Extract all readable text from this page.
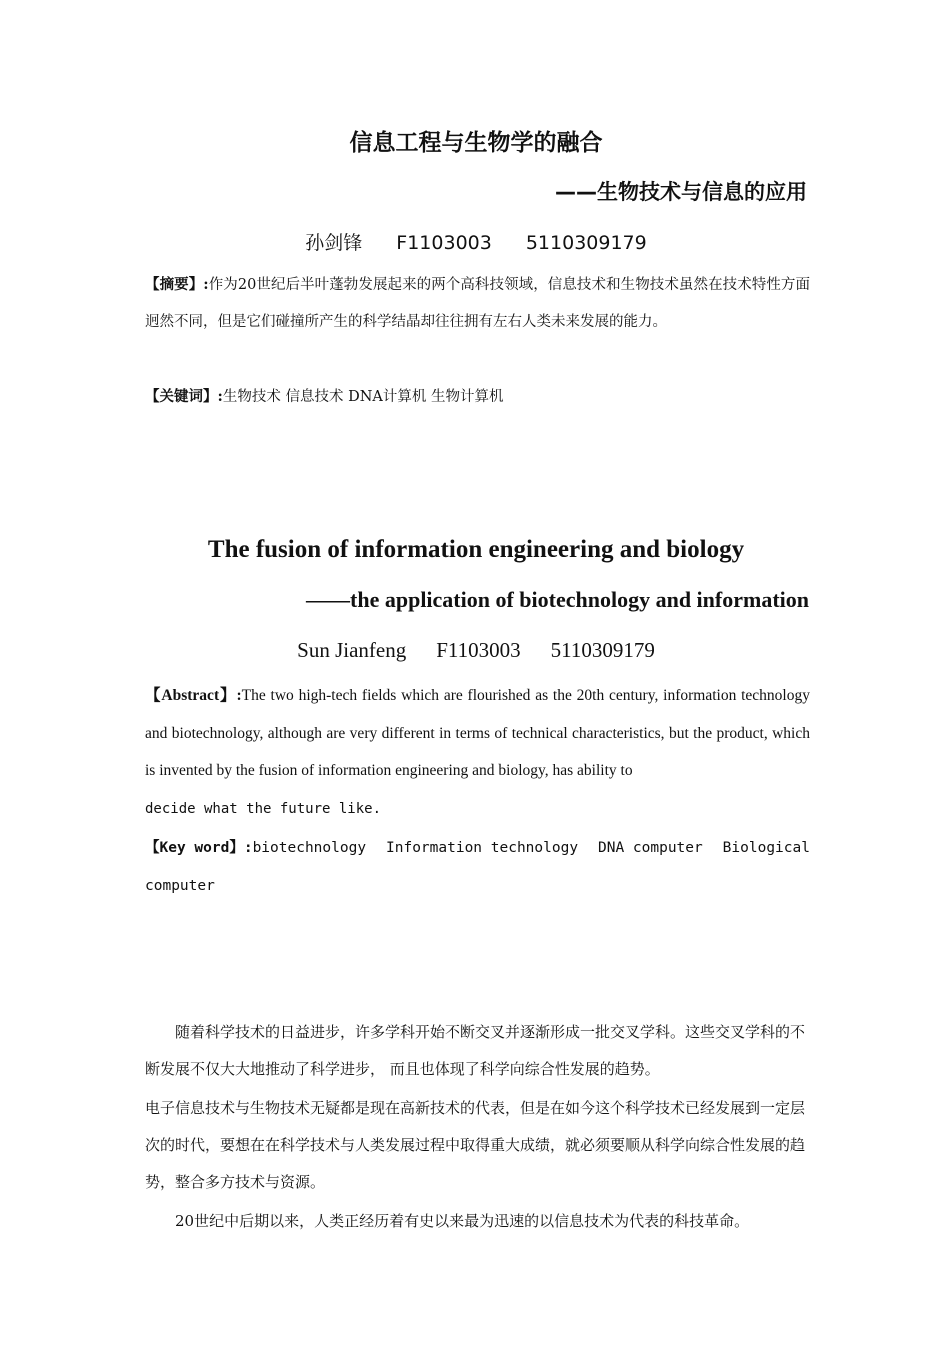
信息工程与生物学的融合
——生物技术与信息的应用
孙剑锋 F1103003 5110309179
【摘要】:作为20世纪后半叶蓬勃发展起来的两个高科技领域，信息技术和生物技术虽然在技术特性方面迥然不同，但是它们碰撞所产生的科学结晶却往往拥有左右人类未来发展的能力。
【关键词】:生物技术 信息技术 DNA计算机 生物计算机
The fusion of information engineering and biology
——the application of biotechnology and information
Sun Jianfeng F1103003 5110309179
【Abstract】:The two high-tech fields which are flourished as the 20th century, information technology and biotechnology, although are very different in terms of technical characteristics, but the product, which is invented by the fusion of information engineering and biology, has ability to
decide what the future like.
【Key word】:biotechnology Information technology DNA computer Biological
computer
随着科学技术的日益进步，许多学科开始不断交叉并逐渐形成一批交叉学科。这些交叉学科的不断发展不仅大大地推动了科学进步， 而且也体现了科学向综合性发展的趋势。
电子信息技术与生物技术无疑都是现在高新技术的代表，但是在如今这个科学技术已经发展到一定层次的时代，要想在在科学技术与人类发展过程中取得重大成绩，就必须要顺从科学向综合性发展的趋势，整合多方技术与资源。
20世纪中后期以来，人类正经历着有史以来最为迅速的以信息技术为代表的科技革命。
